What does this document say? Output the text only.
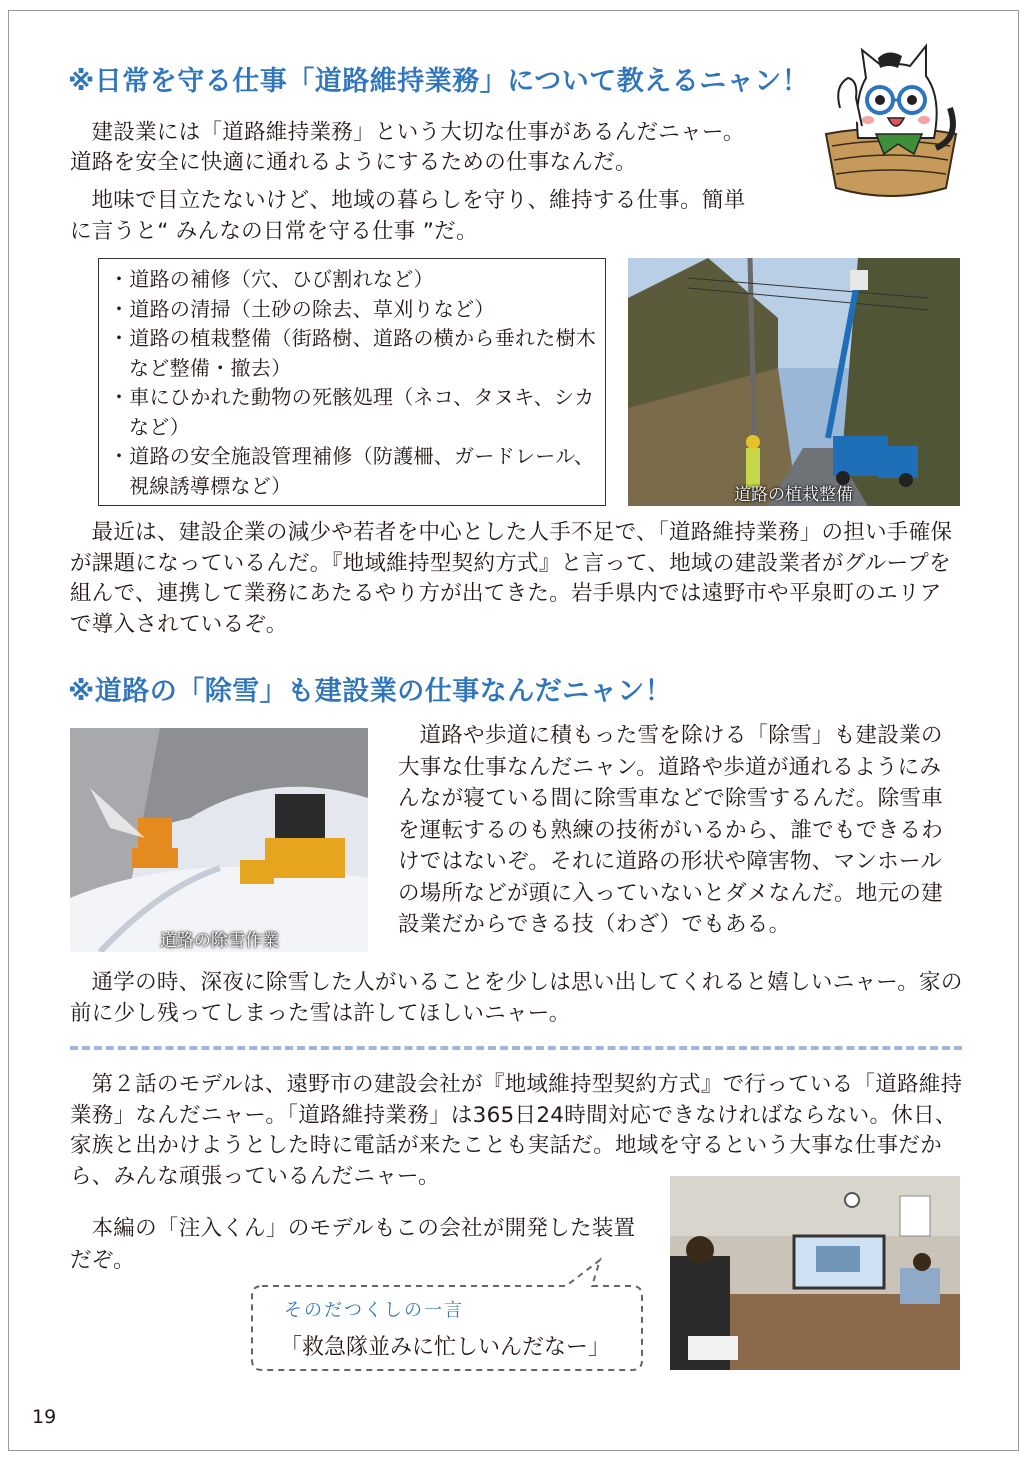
※日常を守る仕事「道路維持業務」について教えるニャン！

建設業には「道路維持業務」という大切な仕事があるんだニャー。

道路を安全に快適に通れるようにするための仕事なんだ。

地味で目立たないけど、地域の暮らしを守り、維持する仕事。簡単

に言うと“ みんなの日常を守る仕事 ”だ。

・道路の補修（穴、ひび割れなど）
・道路の清掃（土砂の除去、草刈りなど）
・道路の植栽整備（街路樹、道路の横から垂れた樹木など整備・撤去）
・車にひかれた動物の死骸処理（ネコ、タヌキ、シカなど）
・道路の安全施設管理補修（防護柵、ガードレール、視線誘導標など）	道路の植栽整備

最近は、建設企業の減少や若者を中心とした人手不足で、「道路維持業務」の担い手確保が課題になっているんだ。『地域維持型契約方式』と言って、地域の建設業者がグループを組んで、連携して業務にあたるやり方が出てきた。岩手県内では遠野市や平泉町のエリアで導入されているぞ。

※道路の「除雪」も建設業の仕事なんだニャン！
道路の除雪作業

道路や歩道に積もった雪を除ける「除雪」も建設業の大事な仕事なんだニャン。道路や歩道が通れるようにみんなが寝ている間に除雪車などで除雪するんだ。除雪車を運転するのも熟練の技術がいるから、誰でもできるわけではないぞ。それに道路の形状や障害物、マンホールの場所などが頭に入っていないとダメなんだ。地元の建設業だからできる技（わざ）でもある。

通学の時、深夜に除雪した人がいることを少しは思い出してくれると嬉しいニャー。家の前に少し残ってしまった雪は許してほしいニャー。

第２話のモデルは、遠野市の建設会社が『地域維持型契約方式』で行っている「道路維持業務」なんだニャー。「道路維持業務」は365日24時間対応できなければならない。休日、家族と出かけようとした時に電話が来たことも実話だ。地域を守るという大事な仕事だから、みんな頑張っているんだニャー。

本編の「注入くん」のモデルもこの会社が開発した装置だぞ。

そのだつくしの一言

「救急隊並みに忙しいんだなー」

19
